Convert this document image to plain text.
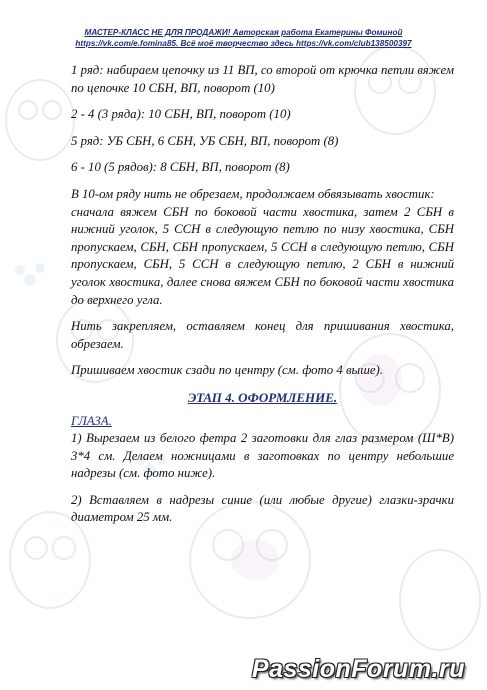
МАСТЕР-КЛАСС НЕ ДЛЯ ПРОДАЖИ! Авторская работа Екатерины Фоминой
https://vk.com/e.fomina85. Всё моё творчество здесь https://vk.com/club138500397

1 ряд: набираем цепочку из 11 ВП, со второй от крючка петли вяжем по цепочке 10 СБН, ВП, поворот (10)

2 - 4 (3 ряда): 10 СБН, ВП, поворот (10)

5 ряд: УБ СБН, 6 СБН, УБ СБН, ВП, поворот (8)

6 - 10 (5 рядов): 8 СБН, ВП, поворот (8)

В 10-ом ряду нить не обрезаем, продолжаем обвязывать хвостик:

сначала вяжем СБН по боковой части хвостика, затем 2 СБН в нижний уголок, 5 ССН в следующую петлю по низу хвостика, СБН пропускаем, СБН, СБН пропускаем, 5 ССН в следующую петлю, СБН пропускаем, СБН, 5 ССН в следующую петлю, 2 СБН в нижний уголок хвостика, далее снова вяжем СБН по боковой части хвостика до верхнего угла.

Нить закрепляем, оставляем конец для пришивания хвостика, обрезаем.

Пришиваем хвостик сзади по центру (см. фото 4 выше).

ЭТАП 4. ОФОРМЛЕНИЕ.

ГЛАЗА.

1) Вырезаем из белого фетра 2 заготовки для глаз размером (Ш*В) 3*4 см. Делаем ножницами в заготовках по центру небольшие надрезы (см. фото ниже).

2) Вставляем в надрезы синие (или любые другие) глазки-зрачки диаметром 25 мм.

PassionForum.ru
